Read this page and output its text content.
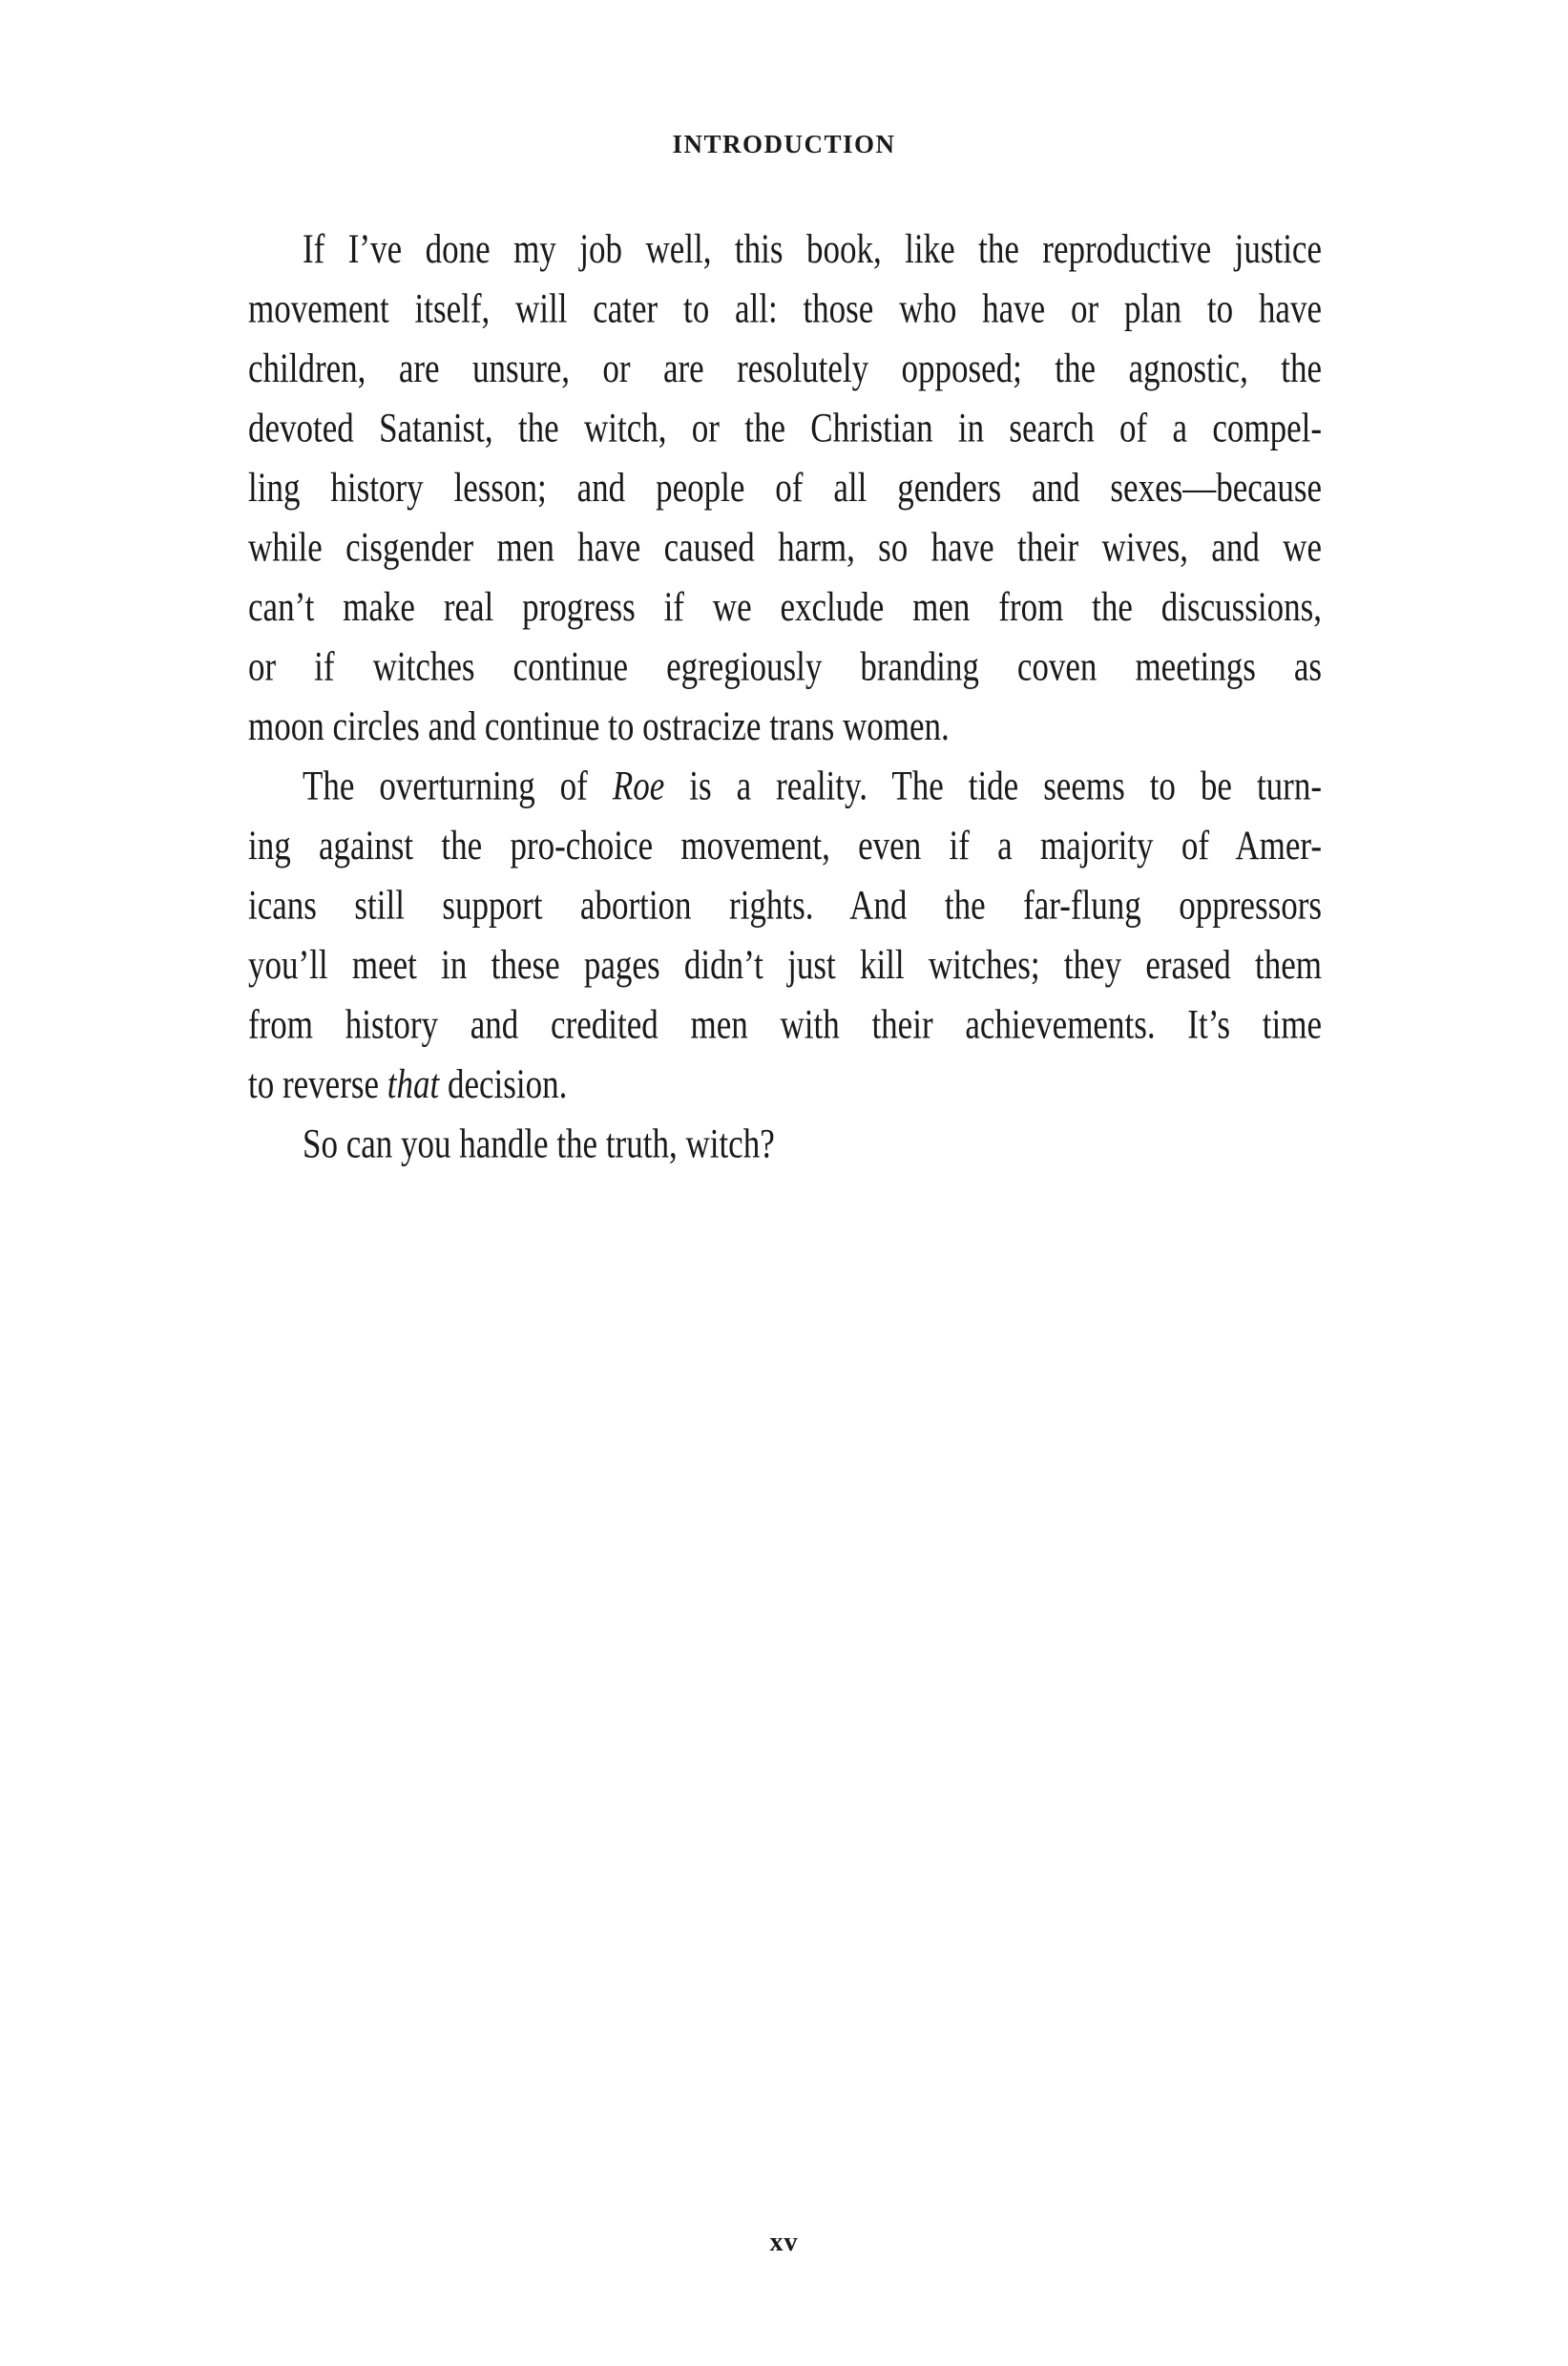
INTRODUCTION
If I’ve done my job well, this book, like the reproductive justice
movement itself, will cater to all: those who have or plan to have
children, are unsure, or are resolutely opposed; the agnostic, the
devoted Satanist, the witch, or the Christian in search of a compel-
ling history lesson; and people of all genders and sexes—because
while cisgender men have caused harm, so have their wives, and we
can’t make real progress if we exclude men from the discussions,
or if witches continue egregiously branding coven meetings as
moon circles and continue to ostracize trans women.
The overturning of Roe is a reality. The tide seems to be turn-
ing against the pro-choice movement, even if a majority of Amer-
icans still support abortion rights. And the far-flung oppressors
you’ll meet in these pages didn’t just kill witches; they erased them
from history and credited men with their achievements. It’s time
to reverse that decision.
So can you handle the truth, witch?
xv
